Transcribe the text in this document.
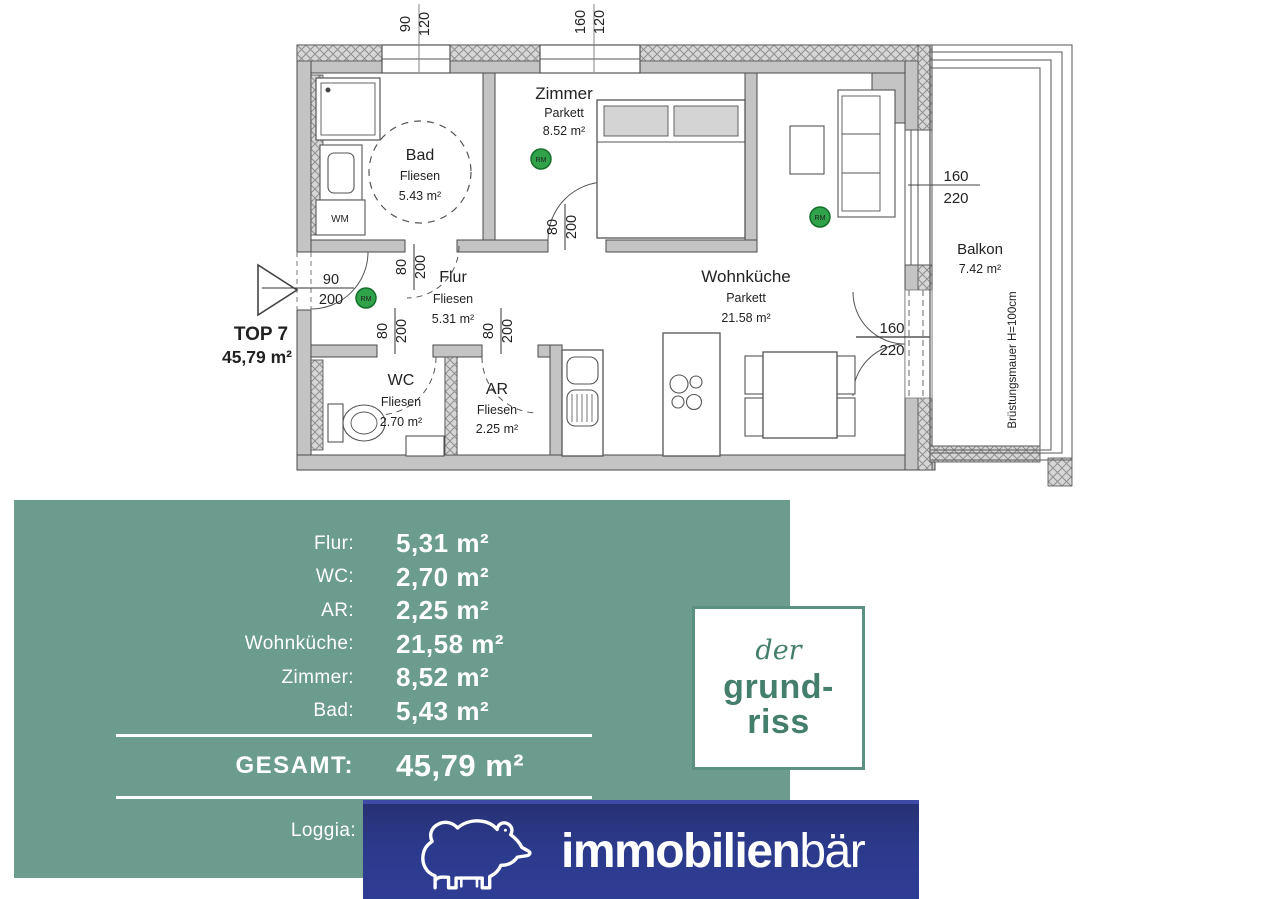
WM
RM
RM
RM
Bad
Fliesen
5.43 m²
Zimmer
Parkett
8.52 m²
Flur
Fliesen
5.31 m²
WC
Fliesen
2.70 m²
AR
Fliesen
2.25 m²
Wohnküche
Parkett
21.58 m²
Balkon
7.42 m²
Brüstungsmauer H=100cm
90 120	160 120
90
200
80 200
80 200
80 200	80 200
160
220
160
220
TOP 7
45,79 m²
Flur: 5,31 m²
WC: 2,70 m²
AR: 2,25 m²
Wohnküche: 21,58 m²
Zimmer: 8,52 m²
Bad: 5,43 m²
GESAMT: 45,79 m²
Loggia:
der
grund-
riss
immobilien bär
